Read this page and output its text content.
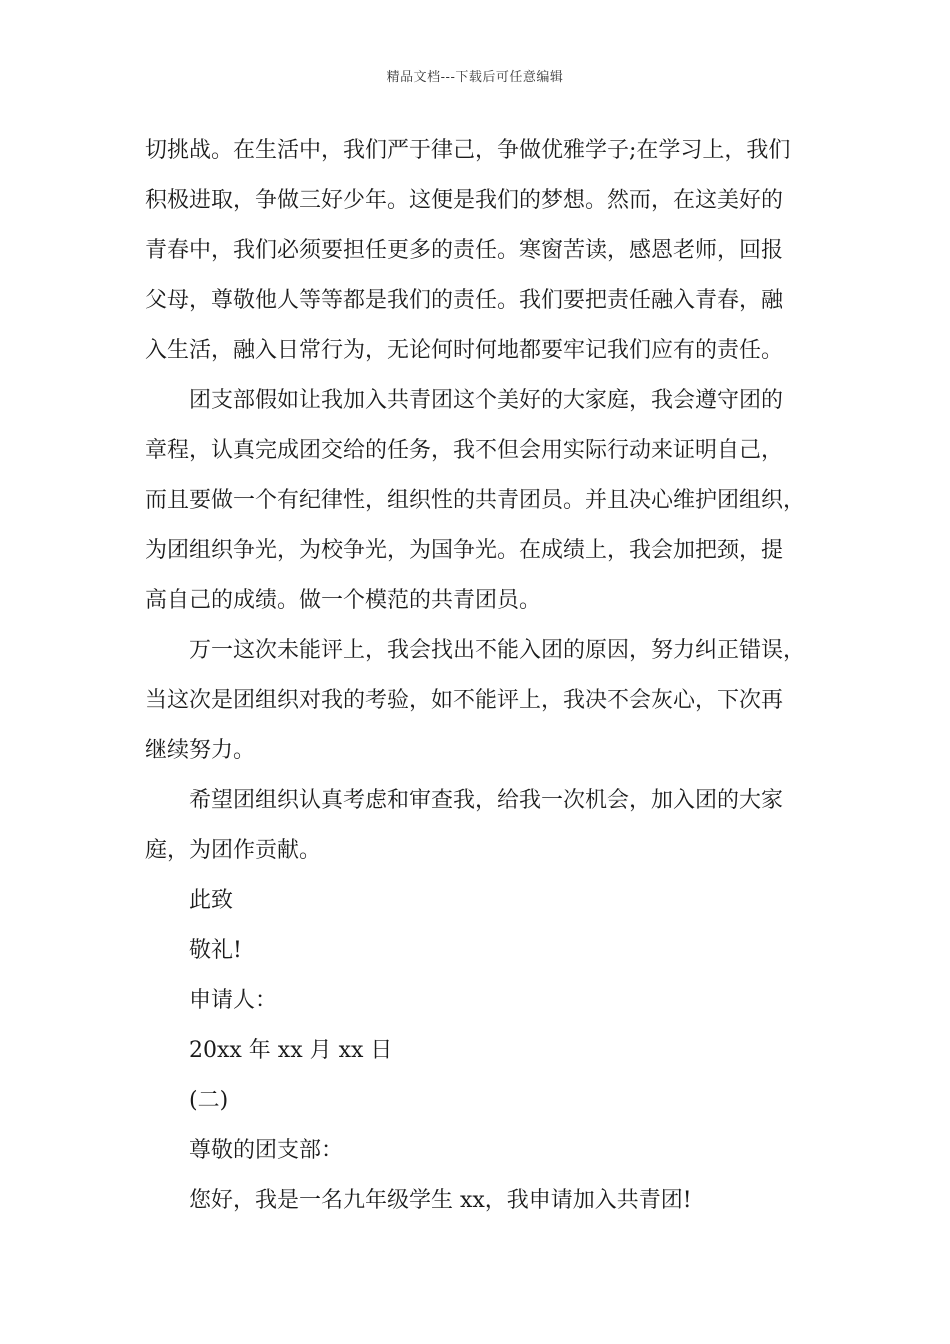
精品文档---下载后可任意编辑

切挑战。在生活中，我们严于律己，争做优雅学子;在学习上，我们
积极进取，争做三好少年。这便是我们的梦想。然而，在这美好的
青春中，我们必须要担任更多的责任。寒窗苦读，感恩老师，回报
父母，尊敬他人等等都是我们的责任。我们要把责任融入青春，融
入生活，融入日常行为，无论何时何地都要牢记我们应有的责任。

团支部假如让我加入共青团这个美好的大家庭，我会遵守团的
章程，认真完成团交给的任务，我不但会用实际行动来证明自己，
而且要做一个有纪律性，组织性的共青团员。并且决心维护团组织，
为团组织争光，为校争光，为国争光。在成绩上，我会加把颈，提
高自己的成绩。做一个模范的共青团员。

万一这次未能评上，我会找出不能入团的原因，努力纠正错误，
当这次是团组织对我的考验，如不能评上，我决不会灰心，下次再
继续努力。

希望团组织认真考虑和审查我，给我一次机会，加入团的大家
庭，为团作贡献。

此致

敬礼!

申请人：

20xx 年 xx 月 xx 日

(二)

尊敬的团支部：

您好，我是一名九年级学生 xx，我申请加入共青团!
